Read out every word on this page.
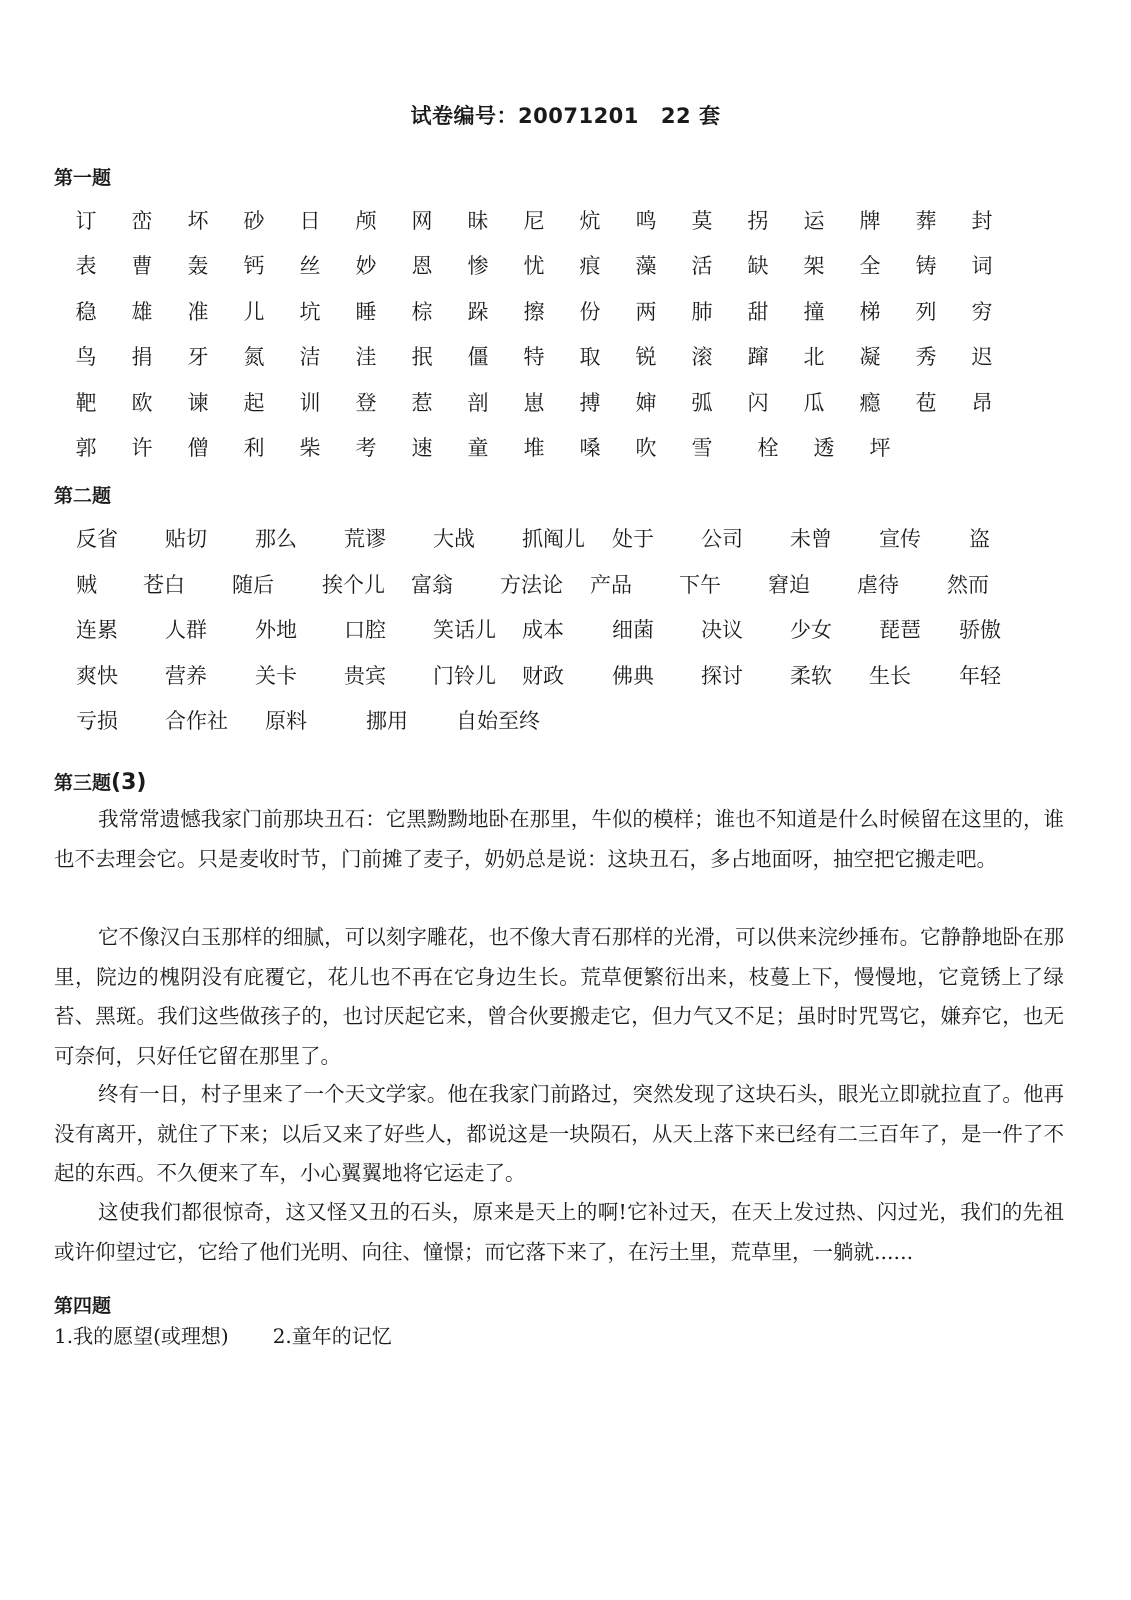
试卷编号：20071201 22 套
第一题
订	峦	坏	砂	日	颅	网	昧	尼	炕	鸣	莫	拐	运	牌	葬	封
表	曹	轰	钙	丝	妙	恩	惨	忧	痕	藻	活	缺	架	全	铸	词
稳	雄	准	儿	坑	睡	棕	跺	擦	份	两	肺	甜	撞	梯	列	穷
鸟	捐	牙	氮	洁	洼	抿	僵	特	取	锐	滚	蹿	北	凝	秀	迟
靶	欧	谏	起	训	登	惹	剖	崽	搏	婶	弧	闪	瓜	瘾	苞	昂
郭	许	僧	利	柴	考	速	童	堆	嗓	吹	雪	栓	透	坪
第二题
反省 贴切 那么 荒谬 大战 抓阄儿 处于 公司 未曾 宣传 盗
贼 苍白 随后 挨个儿 富翁 方法论 产品 下午 窘迫 虐待 然而
连累 人群 外地 口腔 笑话儿 成本 细菌 决议 少女 琵琶 骄傲
爽快 营养 关卡 贵宾 门铃儿 财政 佛典 探讨 柔软 生长 年轻
亏损 合作社 原料	挪用 自始至终
第三题(3)

我常常遗憾我家门前那块丑石：它黑黝黝地卧在那里，牛似的模样；谁也不知道是什么时候留在这里的，谁也不去理会它。只是麦收时节，门前摊了麦子，奶奶总是说：这块丑石，多占地面呀，抽空把它搬走吧。

它不像汉白玉那样的细腻，可以刻字雕花，也不像大青石那样的光滑，可以供来浣纱捶布。它静静地卧在那里，院边的槐阴没有庇覆它，花儿也不再在它身边生长。荒草便繁衍出来，枝蔓上下，慢慢地，它竟锈上了绿苔、黑斑。我们这些做孩子的，也讨厌起它来，曾合伙要搬走它，但力气又不足；虽时时咒骂它，嫌弃它，也无可奈何，只好任它留在那里了。

终有一日，村子里来了一个天文学家。他在我家门前路过，突然发现了这块石头，眼光立即就拉直了。他再没有离开，就住了下来；以后又来了好些人，都说这是一块陨石，从天上落下来已经有二三百年了，是一件了不起的东西。不久便来了车，小心翼翼地将它运走了。

这使我们都很惊奇，这又怪又丑的石头，原来是天上的啊!它补过天，在天上发过热、闪过光，我们的先祖或许仰望过它，它给了他们光明、向往、憧憬；而它落下来了，在污土里，荒草里，一躺就......

第四题
1.我的愿望(或理想) 2.童年的记忆
